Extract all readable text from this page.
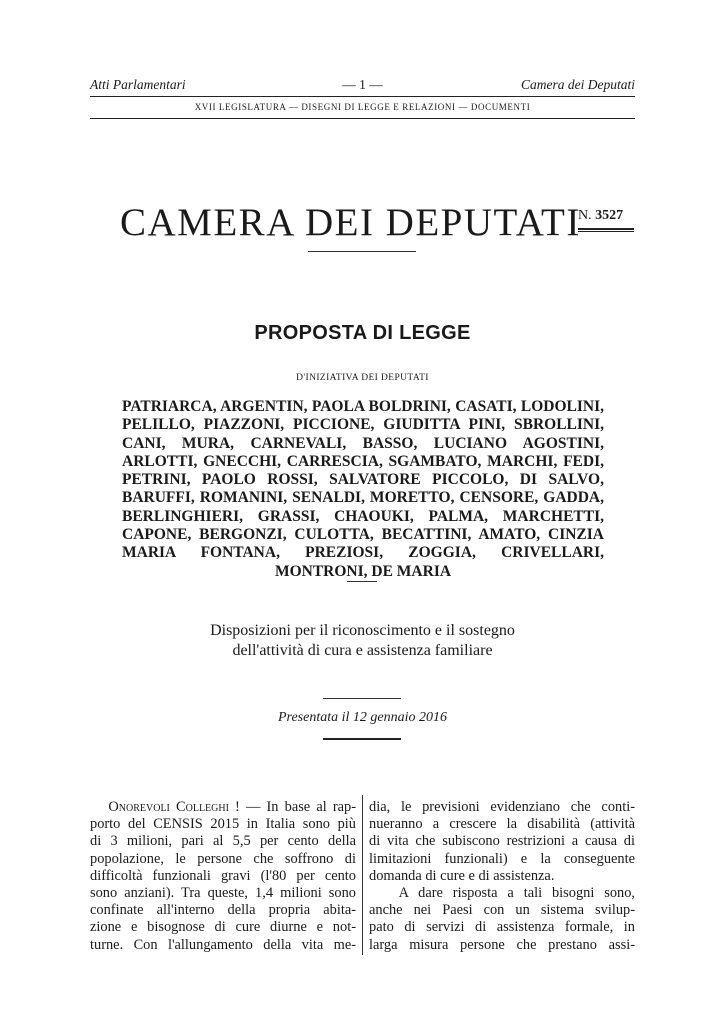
Atti Parlamentari	— 1 —	Camera dei Deputati
XVII LEGISLATURA — DISEGNI DI LEGGE E RELAZIONI — DOCUMENTI
CAMERA DEI DEPUTATI
N. 3527
PROPOSTA DI LEGGE
D'INIZIATIVA DEI DEPUTATI
PATRIARCA, ARGENTIN, PAOLA BOLDRINI, CASATI, LODOLINI, PELILLO, PIAZZONI, PICCIONE, GIUDITTA PINI, SBROLLINI, CANI, MURA, CARNEVALI, BASSO, LUCIANO AGOSTINI, ARLOTTI, GNECCHI, CARRESCIA, SGAMBATO, MARCHI, FEDI, PETRINI, PAOLO ROSSI, SALVATORE PICCOLO, DI SALVO, BARUFFI, ROMANINI, SENALDI, MORETTO, CENSORE, GADDA, BERLINGHIERI, GRASSI, CHAOUKI, PALMA, MARCHETTI, CAPONE, BERGONZI, CULOTTA, BECATTINI, AMATO, CINZIA MARIA FONTANA, PREZIOSI, ZOGGIA, CRIVELLARI, MONTRONI, DE MARIA
Disposizioni per il riconoscimento e il sostegno
dell'attività di cura e assistenza familiare
Presentata il 12 gennaio 2016
Onorevoli Colleghi ! — In base al rap-
porto del CENSIS 2015 in Italia sono più
di 3 milioni, pari al 5,5 per cento della
popolazione, le persone che soffrono di
difficoltà funzionali gravi (l'80 per cento
sono anziani). Tra queste, 1,4 milioni sono
confinate all'interno della propria abita-
zione e bisognose di cure diurne e not-
turne. Con l'allungamento della vita me-
dia, le previsioni evidenziano che conti-
nueranno a crescere la disabilità (attività
di vita che subiscono restrizioni a causa di
limitazioni funzionali) e la conseguente
domanda di cure e di assistenza.
A dare risposta a tali bisogni sono,
anche nei Paesi con un sistema svilup-
pato di servizi di assistenza formale, in
larga misura persone che prestano assi-
